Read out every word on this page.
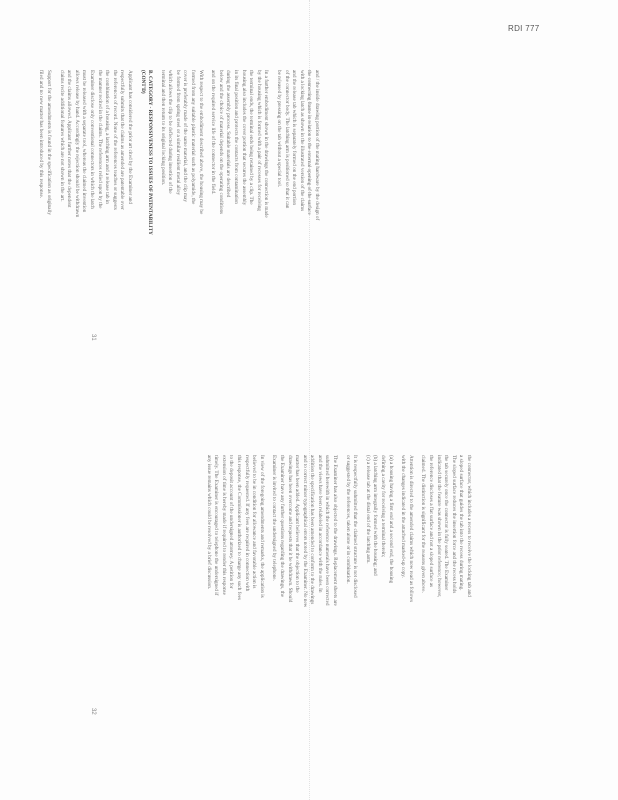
RDI 777
31
32
and / the inside drawing portion of the mating hardware by the design of
the connecting frame in relation to the external opening of the surface
with a locking latch as shown in the illustrated version of the claims
and the release tab which is separately formed on the end portion
of the connector body. The latching arm is positioned so that it can
be released by pressing on the tab without a special tool.
In a further embodiment shown in the drawings the connection is made
by the housing which is formed with a pair of recesses for receiving
the terminal ends, the terminal ends being retained by a clip. The
housing also includes the cover portion that secures the assembly
in its final position and protects the contacts from contamination
during the assembly process. Suitable materials are described
below and the choice of material depends on the operating conditions
and on the required service life of the connector in the field.
With respect to the embodiment described above, the housing may be
formed from any suitable plastic material such as polyamide, the
cover is preferably made of the same material, and the clip may
be formed from spring steel or a similar resilient metal alloy
which allows the clip to be deflected during insertion of the
terminal and then return to its original locking position.
B. CATEGORY - RESPONSIVENESS TO ISSUES OF PATENTABILITY
(CONT'D)
Applicant has considered the prior art cited by the Examiner and
respectfully submits that the claims as amended are patentable over
the references of record. None of the references teaches or suggests
the combination of a housing, a latching arm and a release tab in
the manner recited in the claims. The references relied upon by the
Examiner disclose only conventional connectors in which the latch
must be released with a separate tool, whereas the claimed invention
allows release by hand. Accordingly the rejection should be withdrawn
and the claims allowed. Applicant further notes that the dependent
claims recite additional features which are not shown in the art.
Support for the amendments is found in the specification as originally
filed and no new matter has been introduced by this response.
the connector, which includes a recess to receive the locking tab and
a sloped surface that guides the tab into the recess during mating.
The sloped surface reduces the insertion force and the recess holds
the tab securely once the connector is fully seated. The Examiner
indicated that the feature was shown in the prior reference; however,
the reference discloses a flat surface and not a sloped surface as
claimed. The distinction is significant for the reasons given above.
Attention is directed to the amended claims which now read as follows
with the changes indicated in the attached marked-up copy.
(a) a housing having a first end and a second end, the housing
defining a cavity for receiving a terminal therein;
(b) a latching arm integrally formed with the housing; and
(c) a release tab at the distal end of the latching arm.
It is respectfully submitted that the claimed structure is not disclosed
or suggested by the references, taken alone or in combination.
The Examiner has also objected to the drawings. Replacement sheets are
submitted herewith in which the reference numerals have been corrected
and the views have been relabeled in accordance with the rules. In
addition the specification has been amended to conform to the drawings
and to correct minor typographical errors noted by the Examiner. No new
matter has been added. Applicant believes that the objection to the
drawings has been overcome and requests that it be withdrawn. Should
the Examiner have any further questions regarding the drawings, the
Examiner is invited to contact the undersigned by telephone.
In view of the foregoing amendments and remarks, the application is
believed to be in condition for allowance and favorable action is
respectfully requested. If any fees are required in connection with
this response, the Commissioner is authorized to charge any such fees
to the deposit account of the undersigned attorney. A petition for
extension of time is hereby made if required to render this response
timely. The Examiner is encouraged to telephone the undersigned if
any issue remains which could be resolved by a brief discussion.
